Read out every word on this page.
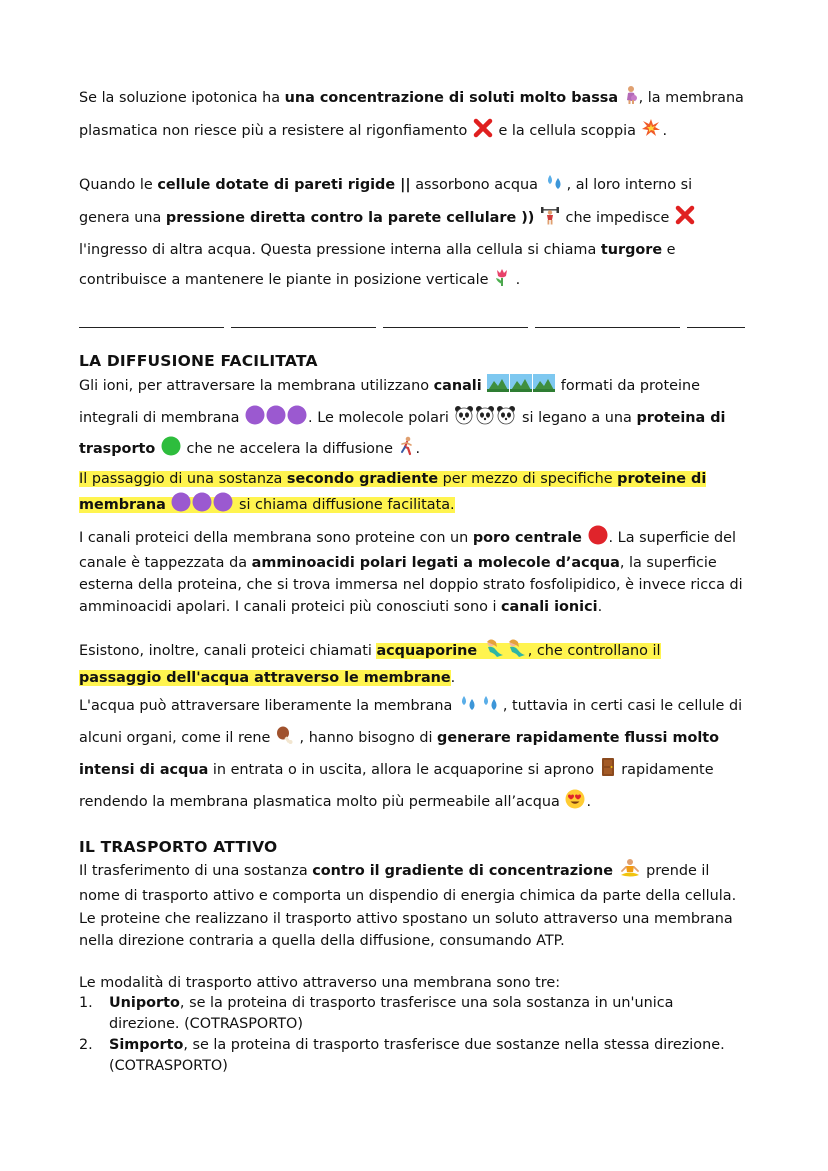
Se la soluzione ipotonica ha una concentrazione di soluti molto bassa , la membrana plasmatica non riesce più a resistere al rigonfiamento  e la cellula scoppia .

Quando le cellule dotate di pareti rigide || assorbono acqua , al loro interno si genera una pressione diretta contro la parete cellulare ))  che impedisce  l'ingresso di altra acqua. Questa pressione interna alla cellula si chiama turgore e contribuisce a mantenere le piante in posizione verticale  .

LA DIFFUSIONE FACILITATA

Gli ioni, per attraversare la membrana utilizzano canali	formati da proteine integrali di membrana	. Le molecole polari	si legano a una proteina di trasporto  che ne accelera la diffusione .

Il passaggio di una sostanza secondo gradiente per mezzo di specifiche proteine di membrana	si chiama diffusione facilitata.

I canali proteici della membrana sono proteine con un poro centrale . La superficie del canale è tappezzata da amminoacidi polari legati a molecole d’acqua, la superficie esterna della proteina, che si trova immersa nel doppio strato fosfolipidico, è invece ricca di amminoacidi apolari. I canali proteici più conosciuti sono i canali ionici.

Esistono, inoltre, canali proteici chiamati acquaporine	, che controllano il passaggio dell'acqua attraverso le membrane.

L'acqua può attraversare liberamente la membrana	, tuttavia in certi casi le cellule di alcuni organi, come il rene  , hanno bisogno di generare rapidamente flussi molto intensi di acqua in entrata o in uscita, allora le acquaporine si aprono  rapidamente rendendo la membrana plasmatica molto più permeabile all’acqua .

IL TRASPORTO ATTIVO

Il trasferimento di una sostanza contro il gradiente di concentrazione  prende il nome di trasporto attivo e comporta un dispendio di energia chimica da parte della cellula. Le proteine che realizzano il trasporto attivo spostano un soluto attraverso una membrana nella direzione contraria a quella della diffusione, consumando ATP.

Le modalità di trasporto attivo attraverso una membrana sono tre:

1. Uniporto, se la proteina di trasporto trasferisce una sola sostanza in un'unica direzione. (COTRASPORTO)
2. Simporto, se la proteina di trasporto trasferisce due sostanze nella stessa direzione. (COTRASPORTO)
